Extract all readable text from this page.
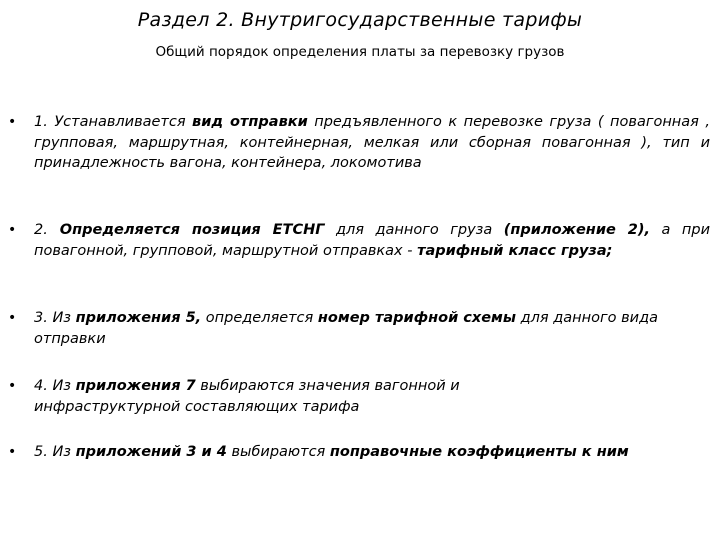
Раздел 2. Внутригосударственные тарифы
Общий порядок определения платы за перевозку грузов
• 1. Устанавливается вид отправки предъявленного к перевозке груза ( повагонная , групповая, маршрутная, контейнерная, мелкая или сборная повагонная ), тип и принадлежность вагона, контейнера, локомотива
• 2. Определяется позиция ЕТСНГ для данного груза (приложение 2), а при повагонной, групповой, маршрутной отправках - тарифный класс груза;
• 3. Из приложения 5, определяется номер тарифной схемы для данного вида отправки
• 4. Из приложения 7 выбираются значения вагонной и инфраструктурной составляющих тарифа
• 5. Из приложений 3 и 4 выбираются поправочные коэффициенты к ним
